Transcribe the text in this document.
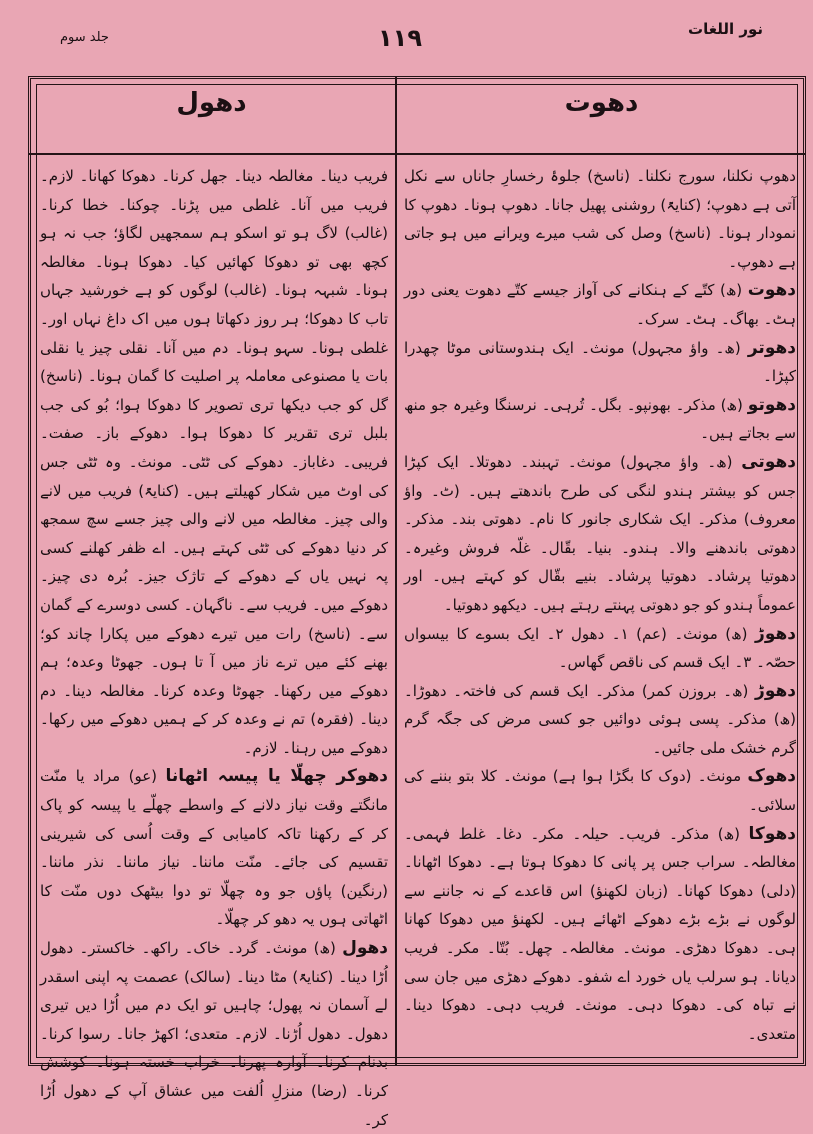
جلد سوم	۱۱۹	نور اللغات
دھوت
دھول

دھوپ نکلنا، سورج نکلنا۔ (ناسخ) جلوۂ رخسارِ جاناں سے نکل آتی ہے دھوپ؛ (کنایۃً) روشنی پھیل جانا۔ دھوپ ہونا۔ دھوپ کا نمودار ہونا۔ (ناسخ) وصل کی شب میرے ویرانے میں ہو جاتی ہے دھوپ۔

دھوت (ھ) کتّے کے ہنکانے کی آواز جیسے کتّے دھوت یعنی دور ہٹ۔ بھاگ۔ ہٹ۔ سرک۔

دھوتر (ھ۔ واؤ مجہول) مونث۔ ایک ہندوستانی موٹا چھدرا کپڑا۔

دھوتو (ھ) مذکر۔ بھونپو۔ بگل۔ تُرہی۔ نرسنگا وغیرہ جو منھ سے بجاتے ہیں۔

دھوتی (ھ۔ واؤ مجہول) مونث۔ تہبند۔ دھوتلا۔ ایک کپڑا جس کو بیشتر ہندو لنگی کی طرح باندھتے ہیں۔ (ٹ۔ واؤ معروف) مذکر۔ ایک شکاری جانور کا نام۔ دھوتی بند۔ مذکر۔ دھوتی باندھنے والا۔ ہندو۔ بنیا۔ بقّال۔ غلّہ فروش وغیرہ۔ دھوتیا پرشاد۔ دھوتیا پرشاد۔ بنیے بقّال کو کہتے ہیں۔ اور عموماً ہندو کو جو دھوتی پہنتے رہتے ہیں۔ دیکھو دھوتیا۔

دھوڑ (ھ) مونث۔ (عم) ۱۔ دھول ۲۔ ایک بسوے کا بیسواں حصّہ۔ ۳۔ ایک قسم کی ناقص گھاس۔

دھوڑ (ھ۔ بروزن کمر) مذکر۔ ایک قسم کی فاختہ۔ دھوڑا۔ (ھ) مذکر۔ پسی ہوئی دوائیں جو کسی مرض کی جگہ گرم گرم خشک ملی جائیں۔

دھوک مونث۔ (دوک کا بگڑا ہوا ہے) مونث۔ کلا بتو بننے کی سلائی۔

دھوکا (ھ) مذکر۔ فریب۔ حیلہ۔ مکر۔ دغا۔ غلط فہمی۔ مغالطہ۔ سراب جس پر پانی کا دھوکا ہوتا ہے۔ دھوکا اٹھانا۔ (دلی) دھوکا کھانا۔ (زبان لکھنؤ) اس قاعدے کے نہ جاننے سے لوگوں نے بڑے بڑے دھوکے اٹھائے ہیں۔ لکھنؤ میں دھوکا کھانا ہی۔ دھوکا دھڑی۔ مونث۔ مغالطہ۔ چھل۔ بُتّا۔ مکر۔ فریب دیانا۔ ہو سرلب یاں خورد اے شفو۔ دھوکے دھڑی میں جان سی نے تباہ کی۔ دھوکا دہی۔ مونث۔ فریب دہی۔ دھوکا دینا۔ متعدی۔

فریب دینا۔ مغالطہ دینا۔ جھل کرنا۔ دھوکا کھانا۔ لازم۔ فریب میں آنا۔ غلطی میں پڑنا۔ چوکنا۔ خطا کرنا۔ (غالب) لاگ ہو تو اسکو ہم سمجھیں لگاؤ؛ جب نہ ہو کچھ بھی تو دھوکا کھائیں کیا۔ دھوکا ہونا۔ مغالطہ ہونا۔ شبہہ ہونا۔ (غالب) لوگوں کو ہے خورشید جہاں تاب کا دھوکا؛ ہر روز دکھاتا ہوں میں اک داغ نہاں اور۔ غلطی ہونا۔ سہو ہونا۔ دم میں آنا۔ نقلی چیز یا نقلی بات یا مصنوعی معاملہ پر اصلیت کا گمان ہونا۔ (ناسخ) گل کو جب دیکھا تری تصویر کا دھوکا ہوا؛ بُو کی جب بلبل تری تقریر کا دھوکا ہوا۔ دھوکے باز۔ صفت۔ فریبی۔ دغاباز۔ دھوکے کی ٹٹی۔ مونث۔ وہ ٹٹی جس کی اوٹ میں شکار کھیلتے ہیں۔ (کنایۃً) فریب میں لانے والی چیز۔ مغالطہ میں لانے والی چیز جسے سچ سمجھ کر دنیا دھوکے کی ٹٹی کہتے ہیں۔ اے ظفر کھلنے کسی پہ نہیں یاں کے دھوکے کے تاژک جیز۔ بُرہ دی چیز۔ دھوکے میں۔ فریب سے۔ ناگہان۔ کسی دوسرے کے گمان سے۔ (ناسخ) رات میں تیرے دھوکے میں پکارا چاند کو؛ بھنے کئے میں ترے ناز میں آ تا ہوں۔ جھوٹا وعدہ؛ ہم دھوکے میں رکھنا۔ جھوٹا وعدہ کرنا۔ مغالطہ دینا۔ دم دینا۔ (فقرہ) تم نے وعدہ کر کے ہمیں دھوکے میں رکھا۔ دھوکے میں رہنا۔ لازم۔

دھوکر چھلّا یا پیسہ اٹھانا (عو) مراد یا منّت مانگتے وقت نیاز دلانے کے واسطے چھلّے یا پیسہ کو پاک کر کے رکھنا تاکہ کامیابی کے وقت اُسی کی شیرینی تقسیم کی جائے۔ منّت ماننا۔ نیاز ماننا۔ نذر ماننا۔ (رنگین) پاؤں جو وہ چھلّا تو دوا بیٹھک دوں منّت کا اٹھاتی ہوں یہ دھو کر چھلّا۔

دھول (ھ) مونث۔ گرد۔ خاک۔ راکھ۔ خاکستر۔ دھول اُڑا دینا۔ (کنایۃً) مٹا دینا۔ (سالک) عصمت پہ اپنی اسقدر لے آسمان نہ پھول؛ چاہیں تو ایک دم میں اُڑا دیں تیری دھول۔ دھول اُڑنا۔ لازم۔ متعدی؛ اکھڑ جانا۔ رسوا کرنا۔ بدنام کرنا۔ آوارہ پھرنا۔ خراب خستہ ہونا۔ کوشش کرنا۔ (رضا) منزلِ اُلفت میں عشاق آپ کے دھول اُڑا کر۔
